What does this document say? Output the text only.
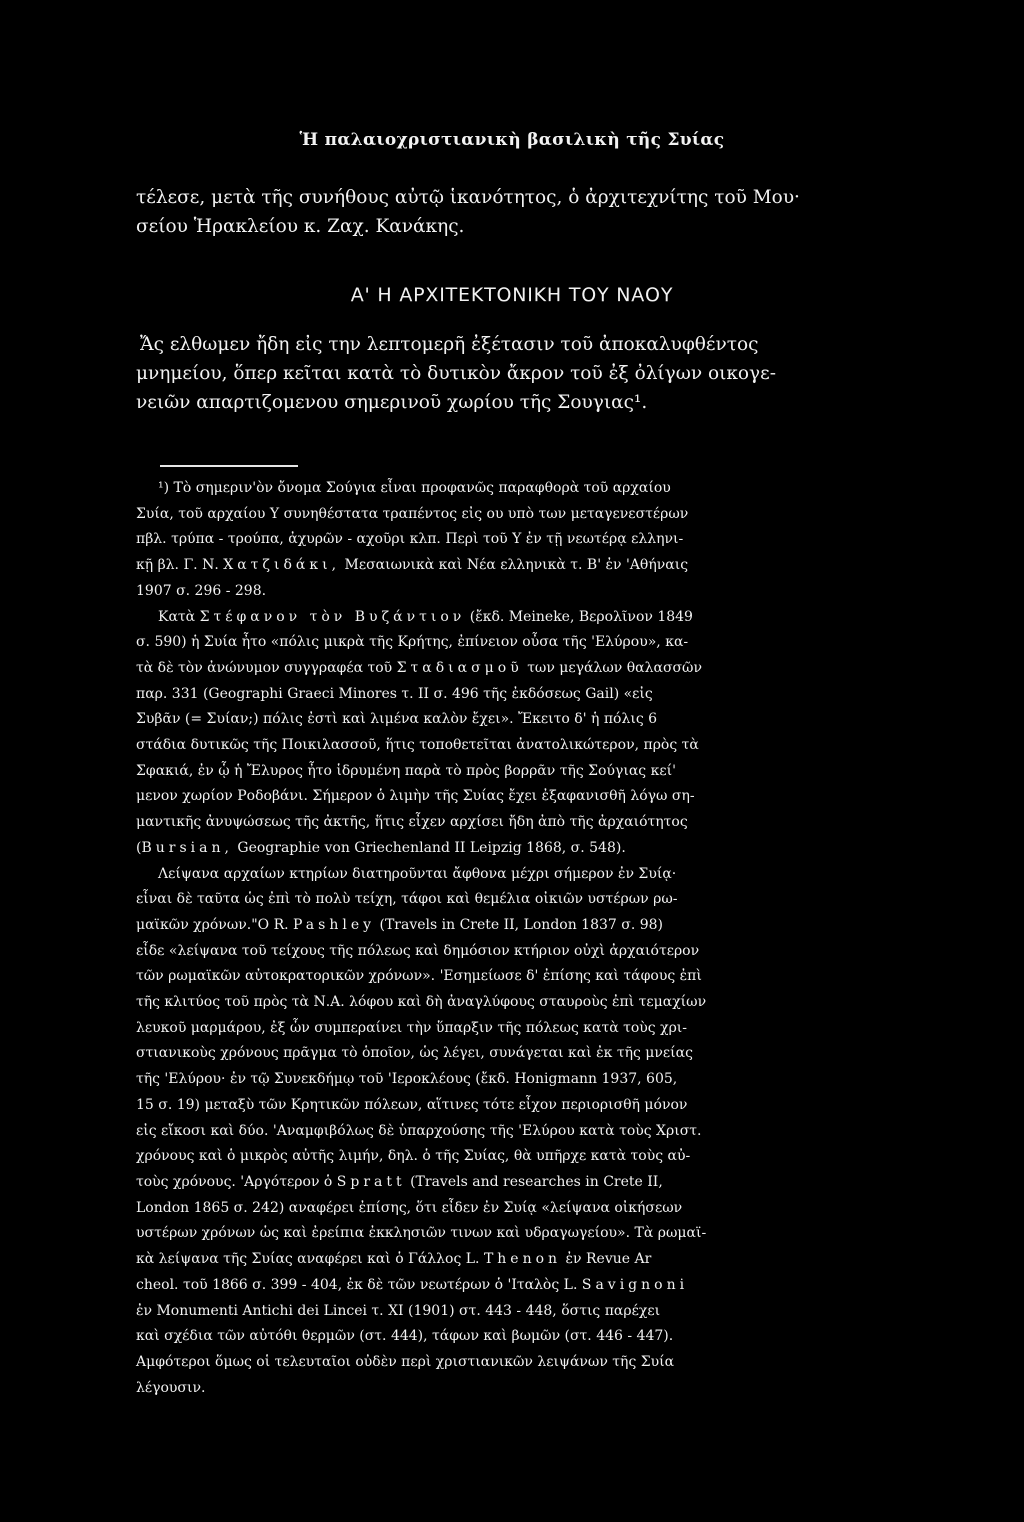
Ἡ παλαιοχριστιανικὴ βασιλικὴ τῆς Συίας
τέλεσε, μετὰ τῆς συνήθους αὐτῷ ἱκανότητος, ὁ ἀρχιτεχνίτης τοῦ Μου·
σείου Ἡρακλείου κ. Ζαχ. Κανάκης.
Α' Η ΑΡΧΙΤΕΚΤΟΝΙΚΗ ΤΟΥ ΝΑΟΥ
Ἄς ελθωμεν ἤδη εἰς την λεπτομερῆ ἐξέτασιν τοῦ ἀποκαλυφθέντος
μνημείου, ὅπερ κεῖται κατὰ τὸ δυτικὸν ἄκρον τοῦ ἐξ ὀλίγων οικογε-
νειῶν απαρτιζομενου σημερινοῦ χωρίου τῆς Σουγιας¹.
¹) Τὸ σημεριν'ὸν ὄνομα Σούγια εἶναι προφανῶς παραφθορὰ τοῦ αρχαίου
Συία, τοῦ αρχαίου Υ συνηθέστατα τραπέντος εἰς ου υπὸ των μεταγενεστέρων
πβλ. τρύπα - τρούπα, ἀχυρῶν - αχοῦρι κλπ. Περὶ τοῦ Υ ἐν τῇ νεωτέρᾳ ελληνι-
κῇ βλ. Γ. Ν. Χατζιδάκι, Μεσαιωνικὰ καὶ Νέα ελληνικὰ τ. Β' ἐν 'Αθήναις
1907 σ. 296 - 298.
Κατὰ Στέφανον τὸν Βυζάντιον (ἔκδ. Meineke, Βερολῖνον 1849
σ. 590) ἡ Συία ἦτο «πόλις μικρὰ τῆς Κρήτης, ἐπίνειον οὖσα τῆς 'Ελύρου», κα-
τὰ δὲ τὸν ἀνώνυμον συγγραφέα τοῦ Σταδιασμοῦ των μεγάλων θαλασσῶν
παρ. 331 (Geographi Graeci Minores τ. II σ. 496 τῆς ἐκδόσεως Gail) «εἰς
Συβᾶν (= Συίαν;) πόλις ἐστὶ καὶ λιμένα καλὸν ἔχει». Ἔκειτο δ' ἡ πόλις 6
στάδια δυτικῶς τῆς Ποικιλασσοῦ, ἥτις τοποθετεῖται ἀνατολικώτερον, πρὸς τὰ
Σφακιά, ἐν ᾧ ἡ Ἔλυρος ἦτο ἱδρυμένη παρὰ τὸ πρὸς βορρᾶν τῆς Σούγιας κεί'
μενον χωρίον Ροδοβάνι. Σήμερον ὁ λιμὴν τῆς Συίας ἔχει ἐξαφανισθῆ λόγω ση-
μαντικῆς ἀνυψώσεως τῆς ἀκτῆς, ἥτις εἶχεν αρχίσει ἤδη ἀπὸ τῆς ἀρχαιότητος
(Bursian, Geographie von Griechenland II Leipzig 1868, σ. 548).
Λείψανα αρχαίων κτηρίων διατηροῦνται ἄφθονα μέχρι σήμερον ἐν Συίᾳ·
εἶναι δὲ ταῦτα ὡς ἐπὶ τὸ πολὺ τείχη, τάφοι καὶ θεμέλια οἰκιῶν υστέρων ρω-
μαϊκῶν χρόνων."Ο R. Pashley (Travels in Crete II, London 1837 σ. 98)
εἶδε «λείψανα τοῦ τείχους τῆς πόλεως καὶ δημόσιον κτήριον οὐχὶ ἀρχαιότερον
τῶν ρωμαϊκῶν αὐτοκρατορικῶν χρόνων». 'Εσημείωσε δ' ἐπίσης καὶ τάφους ἐπὶ
τῆς κλιτύος τοῦ πρὸς τὰ Ν.Α. λόφου καὶ δὴ ἀναγλύφους σταυροὺς ἐπὶ τεμαχίων
λευκοῦ μαρμάρου, ἐξ ὧν συμπεραίνει τὴν ὕπαρξιν τῆς πόλεως κατὰ τοὺς χρι-
στιανικοὺς χρόνους πρᾶγμα τὸ ὁποῖον, ὡς λέγει, συνάγεται καὶ ἐκ τῆς μνείας
τῆς 'Ελύρου· ἐν τῷ Συνεκδήμῳ τοῦ 'Ιεροκλέους (ἔκδ. Honigmann 1937, 605,
15 σ. 19) μεταξὺ τῶν Κρητικῶν πόλεων, αἵτινες τότε εἶχον περιορισθῆ μόνον
εἰς εἴκοσι καὶ δύο. 'Αναμφιβόλως δὲ ὑπαρχούσης τῆς 'Ελύρου κατὰ τοὺς Χριστ.
χρόνους καὶ ὁ μικρὸς αὐτῆς λιμήν, δηλ. ὁ τῆς Συίας, θὰ υπῆρχε κατὰ τοὺς αὐ-
τοὺς χρόνους. 'Αργότερον ὁ Spratt (Travels and researches in Crete II,
London 1865 σ. 242) αναφέρει ἐπίσης, ὅτι εἶδεν ἐν Συίᾳ «λείψανα οἰκήσεων
υστέρων χρόνων ὡς καὶ ἐρείπια ἐκκλησιῶν τινων καὶ υδραγωγείου». Τὰ ρωμαϊ-
κὰ λείψανα τῆς Συίας αναφέρει καὶ ὁ Γάλλος L. Thenon ἐν Revue Ar
cheol. τοῦ 1866 σ. 399 - 404, ἐκ δὲ τῶν νεωτέρων ὁ 'Ιταλὸς L. Savignoni
ἐν Monumenti Antichi dei Lincei τ. XI (1901) στ. 443 - 448, ὅστις παρέχει
καὶ σχέδια τῶν αὐτόθι θερμῶν (στ. 444), τάφων καὶ βωμῶν (στ. 446 - 447).
Αμφότεροι ὅμως οἱ τελευταῖοι οὐδὲν περὶ χριστιανικῶν λειψάνων τῆς Συία
λέγουσιν.
